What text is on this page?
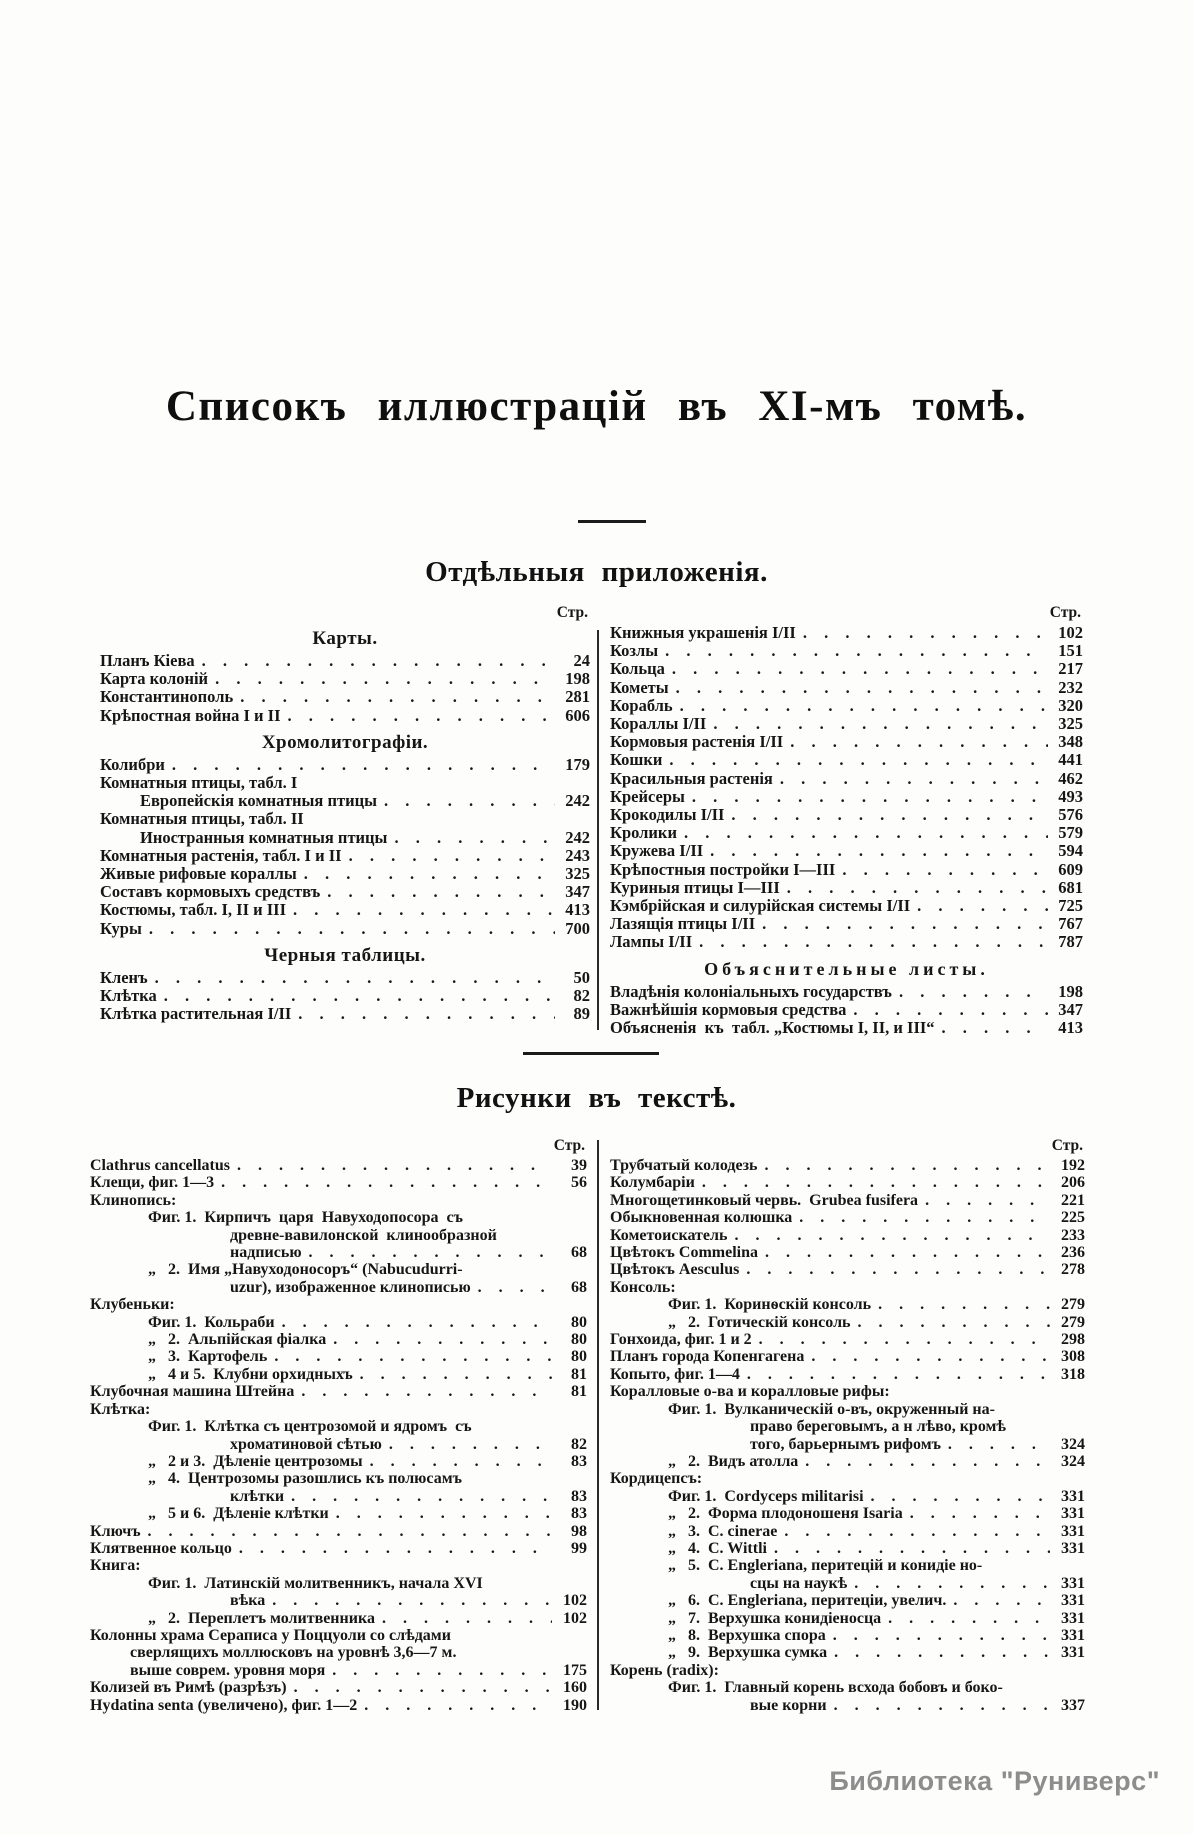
Списокъ иллюстрацій въ XI-мъ томѣ.
Отдѣльныя приложенія.
Стр.
Карты.
Планъ Кіева . . .	24
Карта колоній . . .	198
Константинополь . . .	281
Крѣпостная война I и II . . .	606
Хромолитографіи.
Колибри . . .	179
Комнатныя птицы, табл. I
Европейскія комнатныя птицы . . .	242
Комнатныя птицы, табл. II
Иностранныя комнатныя птицы . . .	242
Комнатныя растенія, табл. I и II . . .	243
Живые рифовые кораллы . . .	325
Составъ кормовыхъ средствъ . . .	347
Костюмы, табл. I, II и III . . .	413
Куры . . .	700
Черныя таблицы.
Кленъ . . .	50
Клѣтка . . .	82
Клѣтка растительная I/II . . .	89
Стр.
Книжныя украшенія I/II . . .	102
Козлы . . .	151
Кольца . . .	217
Кометы . . .	232
Корабль . . .	320
Кораллы I/II . . .	325
Кормовыя растенія I/II . . .	348
Кошки . . .	441
Красильныя растенія . . .	462
Крейсеры . . .	493
Крокодилы I/II . . .	576
Кролики . . .	579
Кружева I/II . . .	594
Крѣпостныя постройки I—III . . .	609
Куриныя птицы I—III . . .	681
Кэмбрійская и силурійская системы I/II . . .	725
Лазящія птицы I/II . . .	767
Лампы I/II . . .	787
Объяснительные листы.
Владѣнія колоніальныхъ государствъ . . .	198
Важнѣйшія кормовыя средства . . .	347
Объясненія  къ  табл. „Костюмы I, II, и III“ . . .	413
Рисунки въ текстѣ.
Стр.
Clathrus cancellatus . . .	39
Клещи, фиг. 1—3 . . .	56
Клинопись:
Фиг. 1.  Кирпичъ  царя  Навуходопосора  съ
древне-вавилонской  клинообразной
надписью . . .	68
„   2.  Имя „Навуходоносоръ“ (Nabucudurri-
uzur), изображенное клинописью . . .	68
Клубеньки:
Фиг. 1.  Кольраби . . .	80
„   2.  Альпійская фіалка . . .	80
„   3.  Картофель . . .	80
„   4 и 5.  Клубни орхидныхъ . . .	81
Клубочная машина Штейна . . .	81
Клѣтка:
Фиг. 1.  Клѣтка съ центрозомой и ядромъ  съ
хроматиновой сѣтью . . .	82
„   2 и 3.  Дѣленіе центрозомы . . .	83
„   4.  Центрозомы разошлись къ полюсамъ
клѣтки . . .	83
„   5 и 6.  Дѣленіе клѣтки . . .	83
Ключъ . . .	98
Клятвенное кольцо . . .	99
Книга:
Фиг. 1.  Латинскій молитвенникъ, начала XVI
вѣка . . .	102
„   2.  Переплетъ молитвенника . . .	102
Колонны храма Сераписа у Поццуоли со слѣдами
сверлящихъ моллюсковъ на уровнѣ 3,6—7 м.
выше соврем. уровня моря . . .	175
Колизей въ Римѣ (разрѣзъ) . . .	160
Hydatina senta (увеличено), фиг. 1—2 . . .	190
Стр.
Трубчатый колодезь . . .	192
Колумбаріи . . .	206
Многощетинковый червь.  Grubea fusifera . . .	221
Обыкновенная колюшка . . .	225
Кометоискатель . . .	233
Цвѣтокъ Commelina . . .	236
Цвѣтокъ Aesculus . . .	278
Консоль:
Фиг. 1.  Коринѳскій консоль . . .	279
„   2.  Готическій консоль . . .	279
Гонхоида, фиг. 1 и 2 . . .	298
Планъ города Копенгагена . . .	308
Копыто, фиг. 1—4 . . .	318
Коралловые о-ва и коралловые рифы:
Фиг. 1.  Вулканическій о-въ, окруженный на-
право береговымъ, а н лѣво, кромѣ
того, барьернымъ рифомъ . . .	324
„   2.  Видъ атолла . . .	324
Кордицепсъ:
Фиг. 1.  Cordyceps militarisi . . .	331
„   2.  Форма плодоношеня Isaria . . .	331
„   3.  C. cinerae . . .	331
„   4.  C. Wittli . . .	331
„   5.  C. Engleriana, перитецій и конидіе но-
сцы на наукѣ . . .	331
„   6.  C. Engleriana, перитеціи, увелич. . . .	331
„   7.  Верхушка конидіеносца . . .	331
„   8.  Верхушка спора . . .	331
„   9.  Верхушка сумка . . .	331
Корень (radix):
Фиг. 1.  Главный корень всхода бобовъ и боко-
вые корни . . .	337
Библиотека "Руниверс"
